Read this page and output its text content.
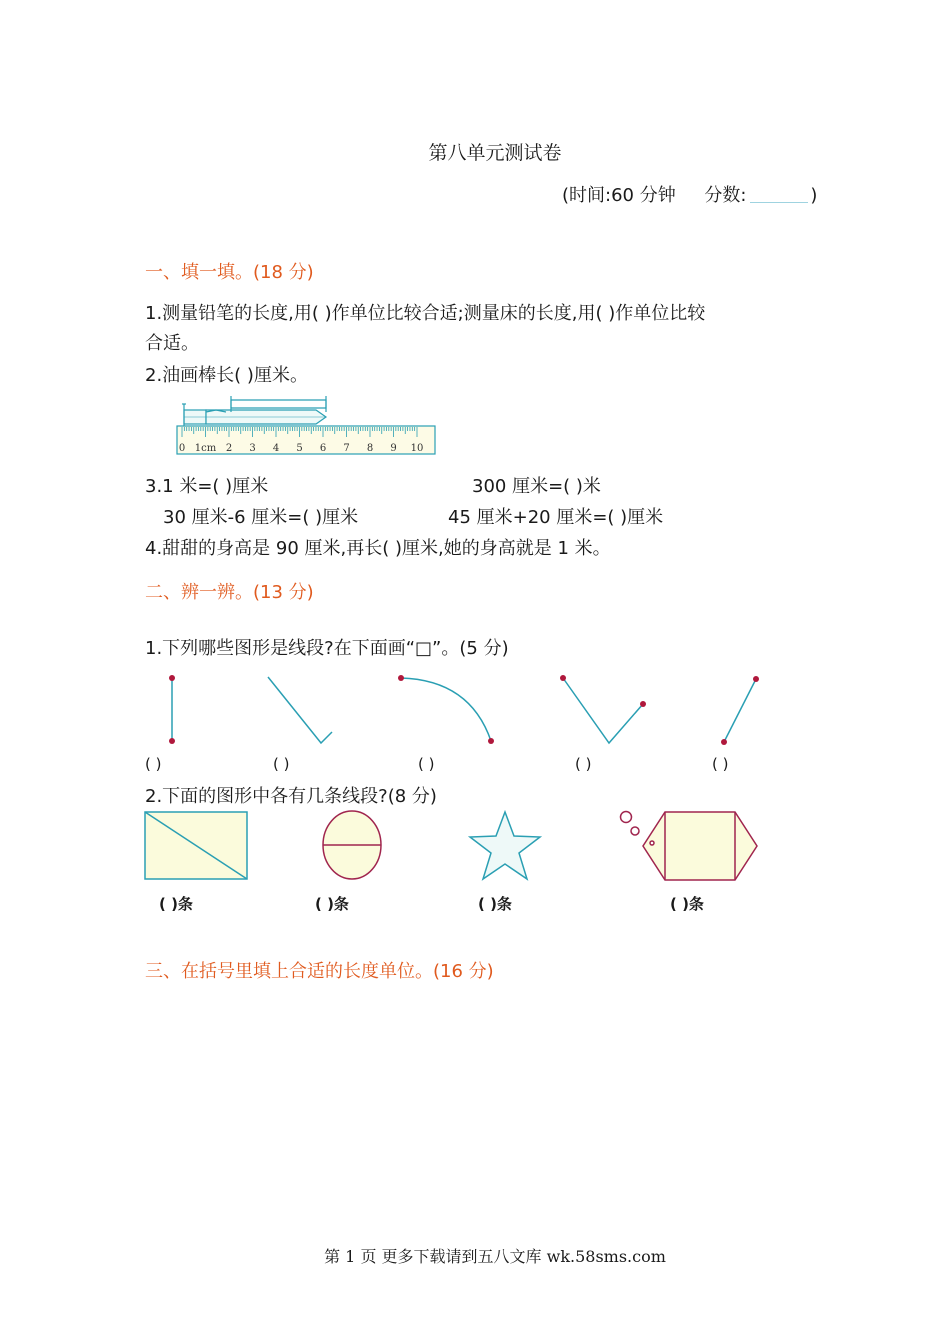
第八单元测试卷
(时间:60 分钟 分数:	)
一、填一填。(18 分)
1.测量铅笔的长度,用( )作单位比较合适;测量床的长度,用( )作单位比较
合适。
2.油画棒长( )厘米。
0 1cm 2 3 4 5 6 7 8 9 10
3.1 米=( )厘米	300 厘米=( )米
30 厘米-6 厘米=( )厘米	45 厘米+20 厘米=( )厘米
4.甜甜的身高是 90 厘米,再长( )厘米,她的身高就是 1 米。
二、辨一辨。(13 分)
1.下列哪些图形是线段?在下面画“□”。(5 分)
( )	( )	( )	( )	( )
2.下面的图形中各有几条线段?(8 分)
( )条	( )条	( )条	( )条
三、在括号里填上合适的长度单位。(16 分)
第 1 页 更多下载请到五八文库 wk.58sms.com
